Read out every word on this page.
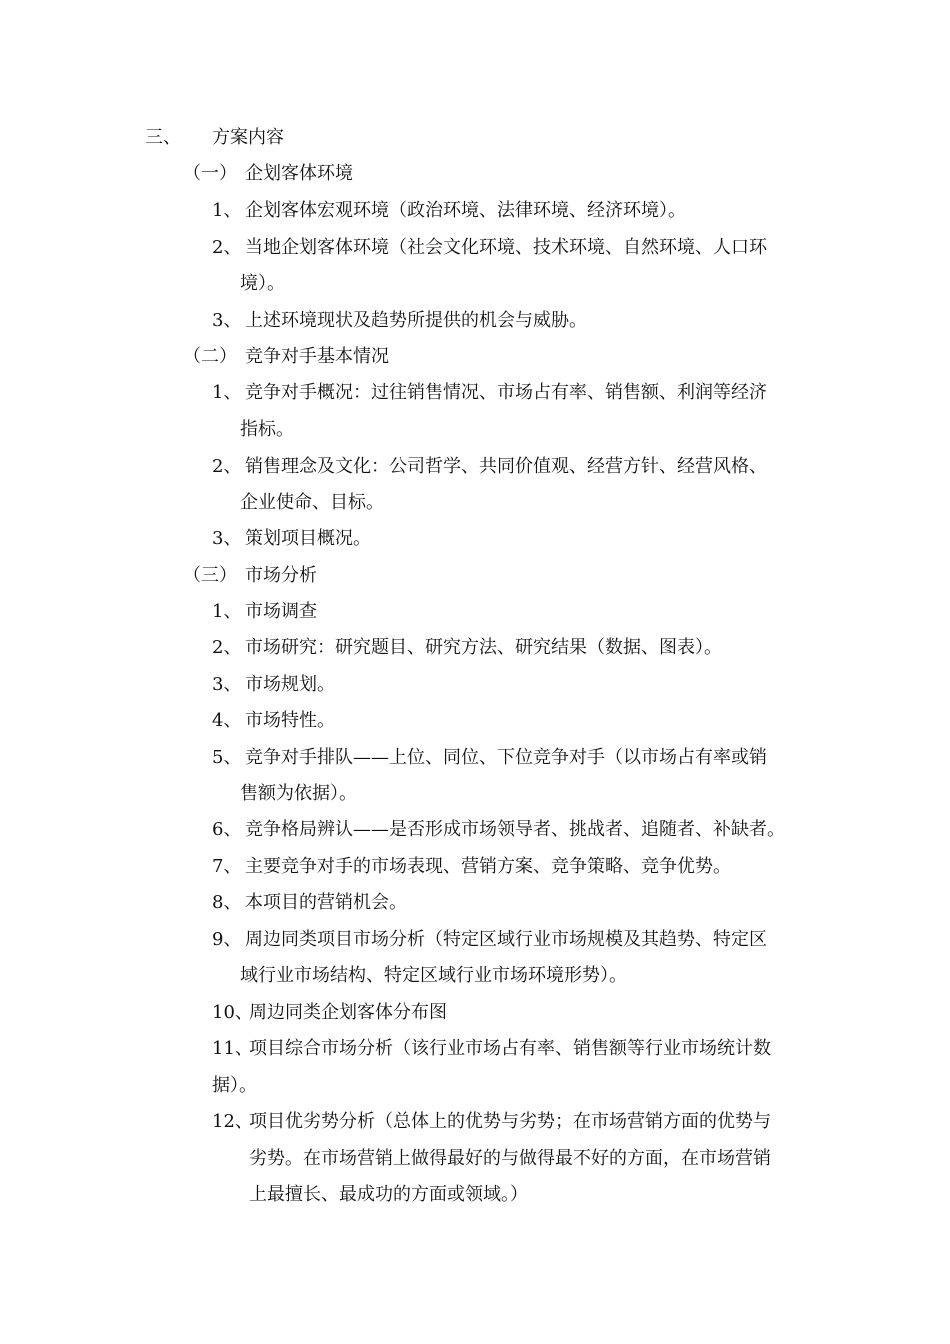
三、 方案内容
（一） 企划客体环境
1、 企划客体宏观环境（政治环境、法律环境、经济环境）。
2、 当地企划客体环境（社会文化环境、技术环境、自然环境、人口环
境）。
3、 上述环境现状及趋势所提供的机会与威胁。
（二） 竞争对手基本情况
1、 竞争对手概况：过往销售情况、市场占有率、销售额、利润等经济
指标。
2、 销售理念及文化：公司哲学、共同价值观、经营方针、经营风格、
企业使命、目标。
3、 策划项目概况。
（三） 市场分析
1、 市场调查
2、 市场研究：研究题目、研究方法、研究结果（数据、图表）。
3、 市场规划。
4、 市场特性。
5、 竞争对手排队——上位、同位、下位竞争对手（以市场占有率或销
售额为依据）。
6、 竞争格局辨认——是否形成市场领导者、挑战者、追随者、补缺者。
7、 主要竞争对手的市场表现、营销方案、竞争策略、竞争优势。
8、 本项目的营销机会。
9、 周边同类项目市场分析（特定区域行业市场规模及其趋势、特定区
域行业市场结构、特定区域行业市场环境形势）。
10、
周边同类企划客体分布图
11、
项目综合市场分析（该行业市场占有率、销售额等行业市场统计数
据）。
12、
项目优劣势分析（总体上的优势与劣势；在市场营销方面的优势与
劣势。在市场营销上做得最好的与做得最不好的方面，在市场营销
上最擅长、最成功的方面或领域。）
